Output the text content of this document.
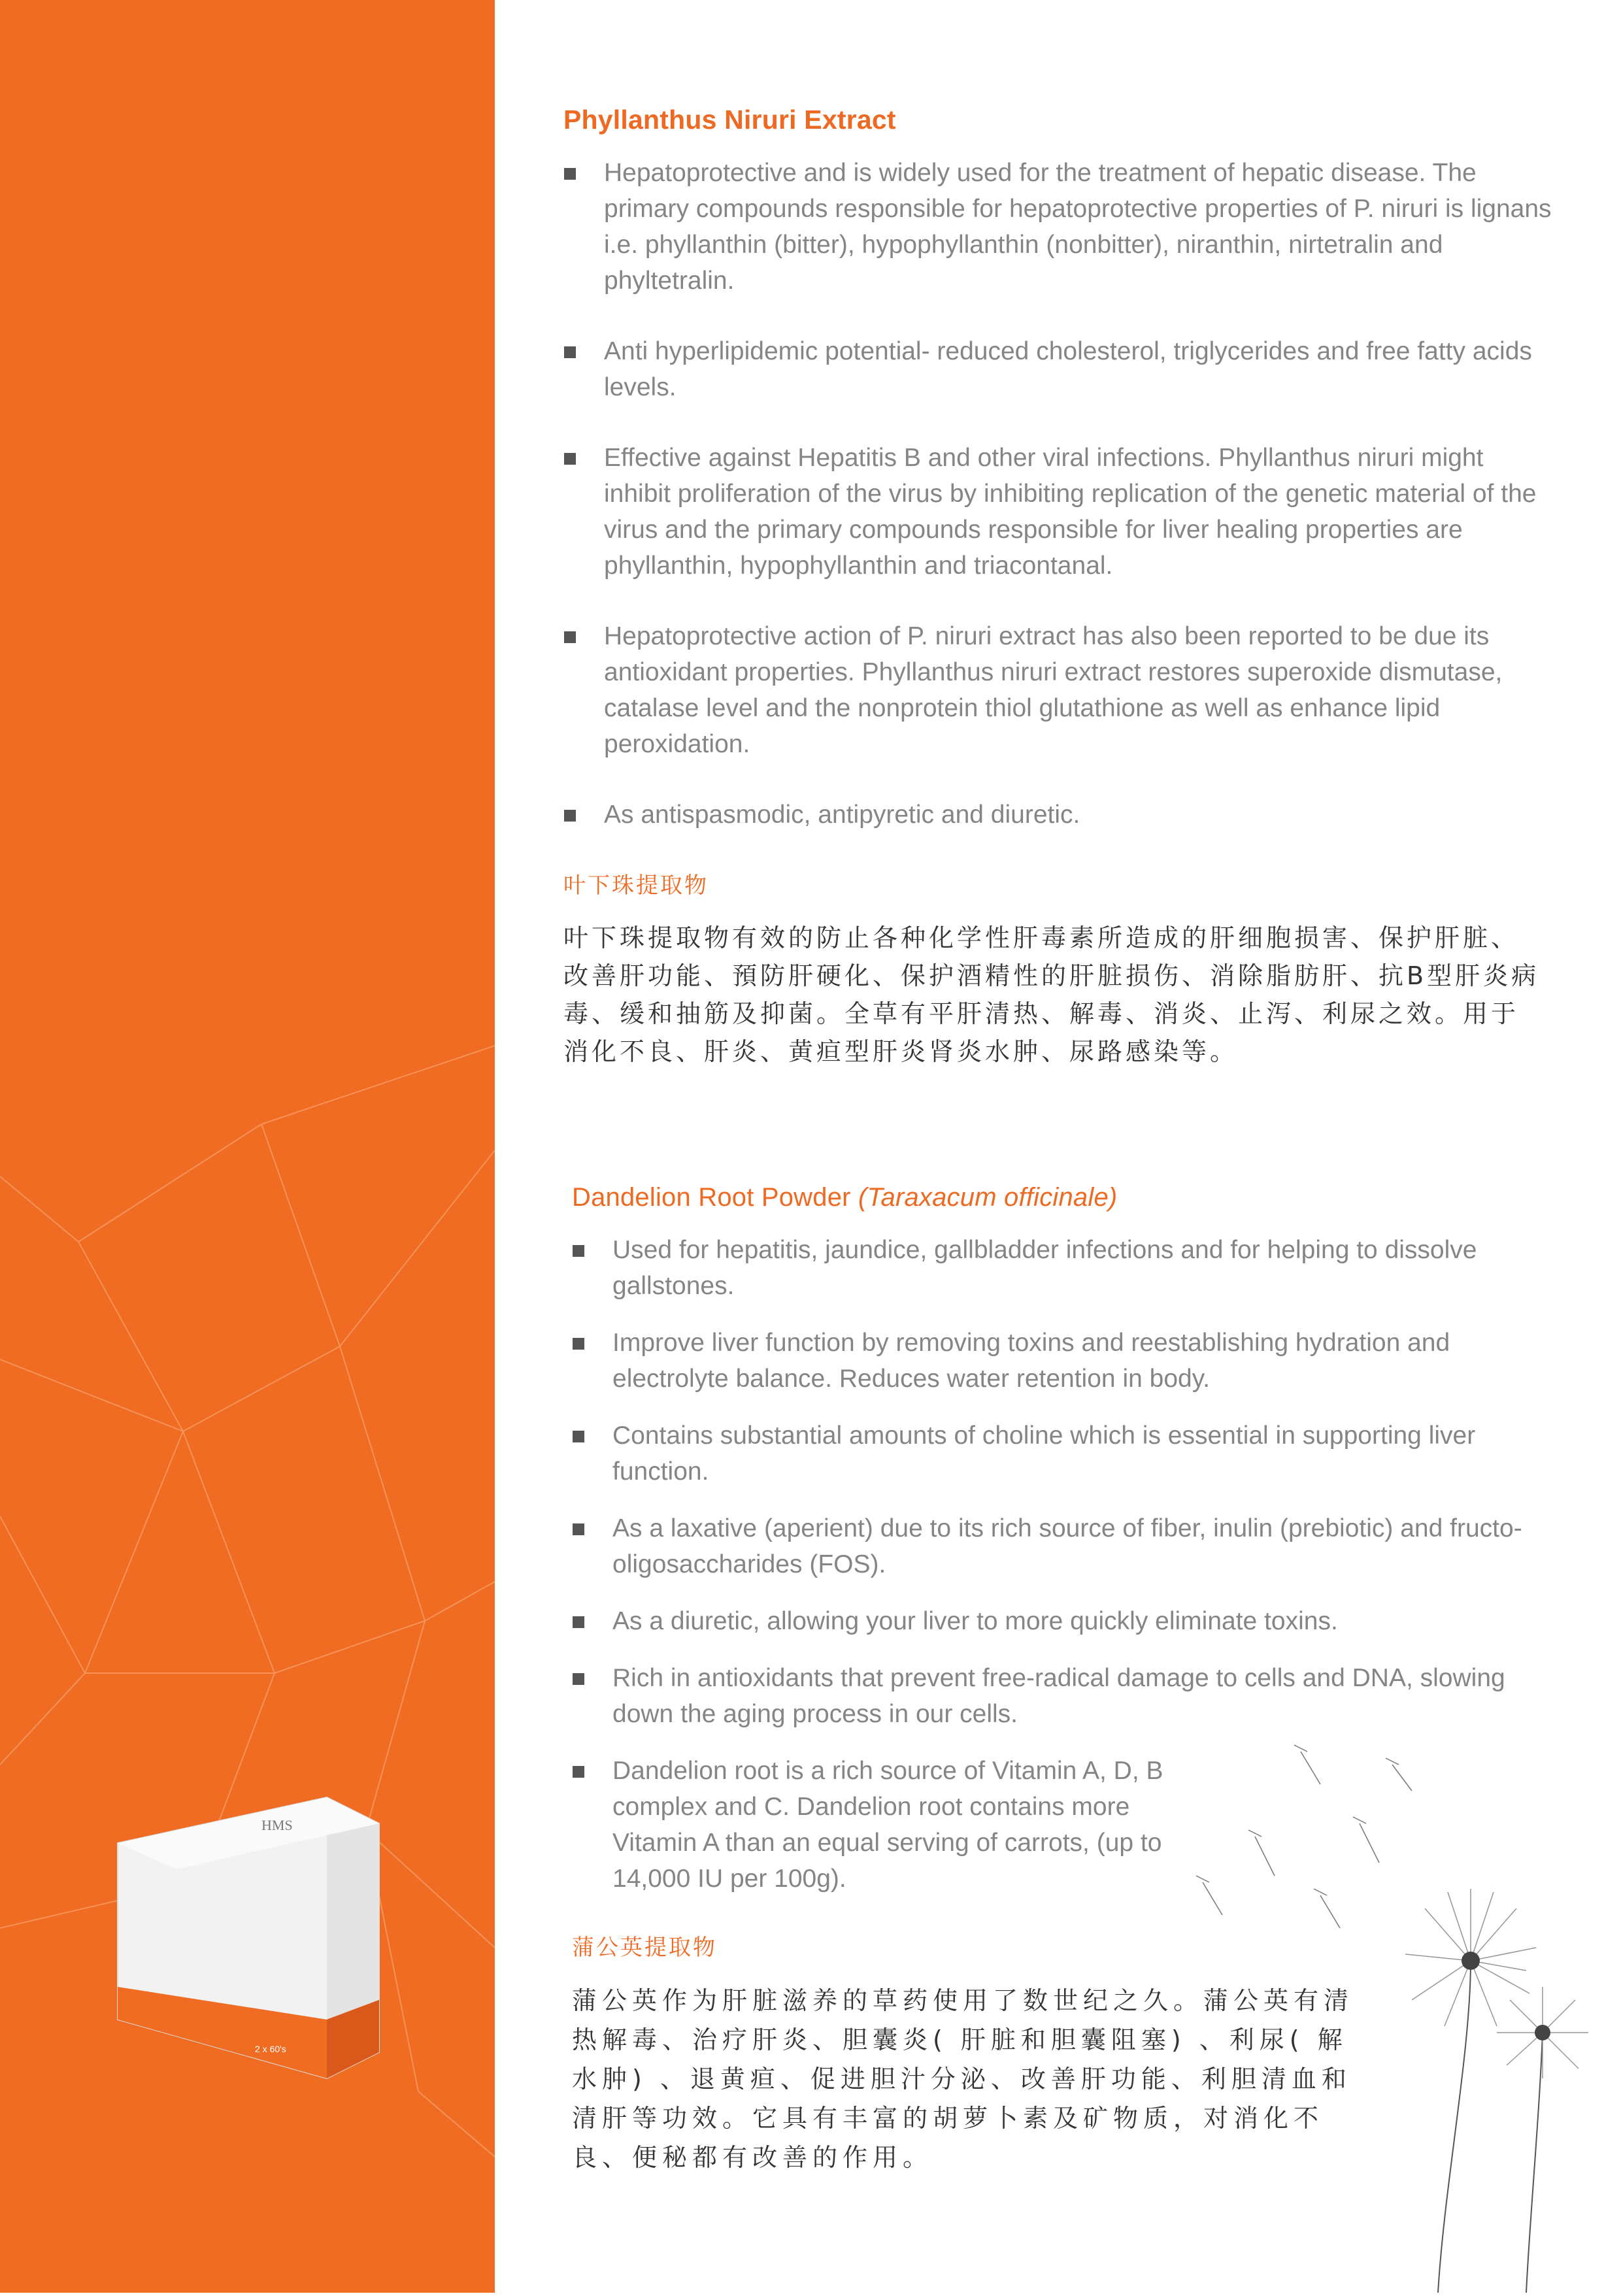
HMS
2 x 60's
Phyllanthus Niruri Extract
Hepatoprotective and is widely used for the treatment of hepatic disease. The primary compounds responsible for hepatoprotective properties of P. niruri is lignans i.e. phyllanthin (bitter), hypophyllanthin (nonbitter), niranthin, nirtetralin and phyltetralin.
Anti hyperlipidemic potential- reduced cholesterol, triglycerides and free fatty acids levels.
Effective against Hepatitis B and other viral infections. Phyllanthus niruri might inhibit proliferation of the virus by inhibiting replication of the genetic material of the virus and the primary compounds responsible for liver healing properties are phyllanthin, hypophyllanthin and triacontanal.
Hepatoprotective action of P. niruri extract has also been reported to be due its antioxidant properties. Phyllanthus niruri extract restores superoxide dismutase, catalase level and the nonprotein thiol glutathione as well as enhance lipid peroxidation.
As antispasmodic, antipyretic and diuretic.
叶下珠提取物
叶下珠提取物有效的防止各种化学性肝毒素所造成的肝细胞损害、保护肝脏、改善肝功能、預防肝硬化、保护酒精性的肝脏损伤、消除脂肪肝、抗B型肝炎病毒、缓和抽筋及抑菌。全草有平肝清热、解毒、消炎、止泻、利尿之效。用于消化不良、肝炎、黄疸型肝炎肾炎水肿、尿路感染等。
Dandelion Root Powder (Taraxacum officinale)
Used for hepatitis, jaundice, gallbladder infections and for helping to dissolve gallstones.
Improve liver function by removing toxins and reestablishing hydration and electrolyte balance. Reduces water retention in body.
Contains substantial amounts of choline which is essential in supporting liver function.
As a laxative (aperient) due to its rich source of fiber, inulin (prebiotic) and fructo-oligosaccharides (FOS).
As a diuretic, allowing your liver to more quickly eliminate toxins.
Rich in antioxidants that prevent free-radical damage to cells and DNA, slowing down the aging process in our cells.
Dandelion root is a rich source of Vitamin A, D, B complex and C. Dandelion root contains more Vitamin A than an equal serving of carrots, (up to 14,000 IU per 100g).
蒲公英提取物
蒲公英作为肝脏滋养的草药使用了数世纪之久。蒲公英有清热解毒、治疗肝炎、胆囊炎( 肝脏和胆囊阻塞) 、利尿( 解水肿) 、退黄疸、促进胆汁分泌、改善肝功能、利胆清血和清肝等功效。它具有丰富的胡萝卜素及矿物质，对消化不良、便秘都有改善的作用。
